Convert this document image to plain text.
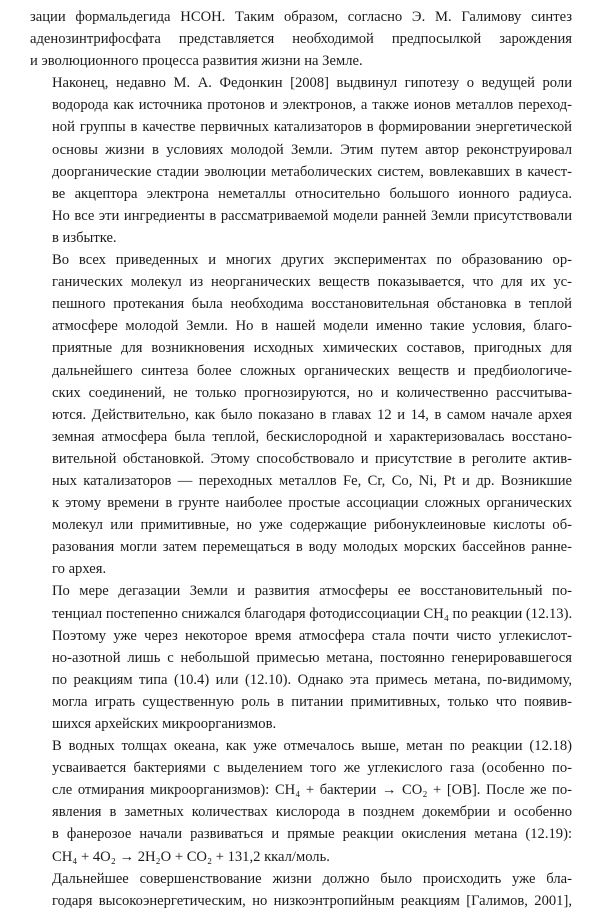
зации формальдегида HCOH. Таким образом, согласно Э. М. Галимову синтез
аденозинтрифосфата представляется необходимой предпосылкой зарождения
и эволюционного процесса развития жизни на Земле.

Наконец, недавно М. А. Федонкин [2008] выдвинул гипотезу о ведущей роли
водорода как источника протонов и электронов, а также ионов металлов переход-
ной группы в качестве первичных катализаторов в формировании энергетической
основы жизни в условиях молодой Земли. Этим путем автор реконструировал
доорганические стадии эволюции метаболических систем, вовлекавших в качест-
ве акцептора электрона неметаллы относительно большого ионного радиуса.
Но все эти ингредиенты в рассматриваемой модели ранней Земли присутствовали
в избытке.

Во всех приведенных и многих других экспериментах по образованию ор-
ганических молекул из неорганических веществ показывается, что для их ус-
пешного протекания была необходима восстановительная обстановка в теплой
атмосфере молодой Земли. Но в нашей модели именно такие условия, благо-
приятные для возникновения исходных химических составов, пригодных для
дальнейшего синтеза более сложных органических веществ и предбиологиче-
ских соединений, не только прогнозируются, но и количественно рассчитыва-
ются. Действительно, как было показано в главах 12 и 14, в самом начале архея
земная атмосфера была теплой, бескислородной и характеризовалась восстано-
вительной обстановкой. Этому способствовало и присутствие в реголите актив-
ных катализаторов — переходных металлов Fe, Cr, Co, Ni, Pt и др. Возникшие
к этому времени в грунте наиболее простые ассоциации сложных органических
молекул или примитивные, но уже содержащие рибонуклеиновые кислоты об-
разования могли затем перемещаться в воду молодых морских бассейнов ранне-
го архея.

По мере дегазации Земли и развития атмосферы ее восстановительный по-
тенциал постепенно снижался благодаря фотодиссоциации CH₄ по реакции (12.13).
Поэтому уже через некоторое время атмосфера стала почти чисто углекислот-
но-азотной лишь с небольшой примесью метана, постоянно генерировавшегося
по реакциям типа (10.4) или (12.10). Однако эта примесь метана, по-видимому,
могла играть существенную роль в питании примитивных, только что появив-
шихся архейских микроорганизмов.

В водных толщах океана, как уже отмечалось выше, метан по реакции (12.18)
усваивается бактериями с выделением того же углекислого газа (особенно по-
сле отмирания микроорганизмов): CH₄ + бактерии → CO₂ + [OB]. После же по-
явления в заметных количествах кислорода в позднем докембрии и особенно
в фанерозое начали развиваться и прямые реакции окисления метана (12.19):
CH₄ + 4O₂ → 2H₂O + CO₂ + 131,2 ккал/моль.

Дальнейшее совершенствование жизни должно было происходить уже бла-
годаря высокоэнергетическим, но низкоэнтропийным реакциям [Галимов, 2001],
